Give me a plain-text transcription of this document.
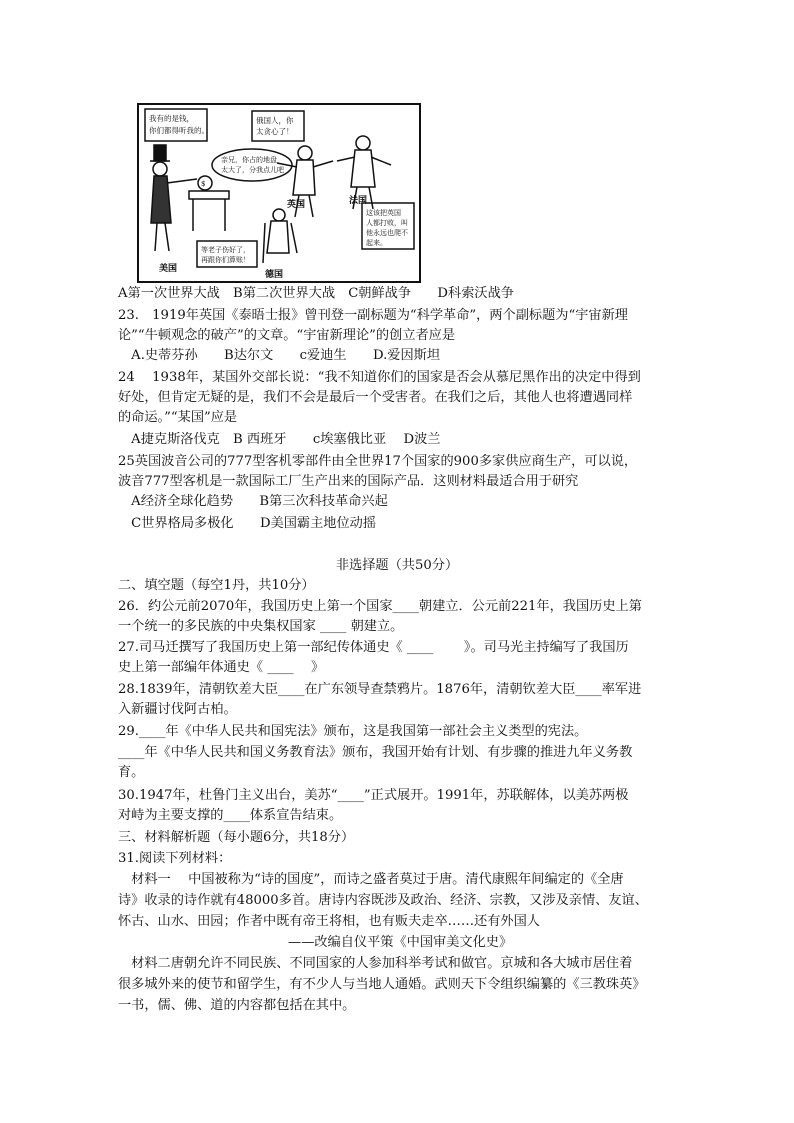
我有的是钱，
你们都得听我的。
俄国人，你
太贪心了！
亲兄，你占的地盘
太大了，分我点儿吧
这该把英国
人都打败，叫
他永远也爬不
起来。
等老子伤好了，
再跟你们算账！
$
美国
英国	法国
德国
A第一次世界大战　B第二次世界大战　C朝鲜战争　　D科索沃战争
23.　1919年英国《泰晤士报》曾刊登一副标题为“科学革命”，两个副标题为“宇宙新理
论”“牛顿观念的破产”的文章。“宇宙新理论”的创立者应是
　A.史蒂芬孙　　B达尔文　　c爱迪生　　D.爱因斯坦
24　 1938年，某国外交部长说：“我不知道你们的国家是否会从慕尼黑作出的决定中得到
好处，但肯定无疑的是，我们不会是最后一个受害者。在我们之后，其他人也将遭遇同样
的命运。”“某国”应是
　A捷克斯洛伐克　B 西班牙　　c埃塞俄比亚　 D波兰
25英国波音公司的777型客机零部件由全世界17个国家的900多家供应商生产，可以说，
波音777型客机是一款国际工厂生产出来的国际产品．这则材料最适合用于研究
　A经济全球化趋势　　B第三次科技革命兴起
　C世界格局多极化　　D美国霸主地位动摇
非选择题（共50分）
二、填空题（每空1丹，共10分）
26．约公元前2070年，我国历史上第一个国家____朝建立．公元前221年，我国历史上第
一个统一的多民族的中央集权国家 ____ 朝建立。
27.司马迁撰写了我国历史上第一部纪传体通史《 ____　　 》。司马光主持编写了我国历
史上第一部编年体通史《 ____ 　》
28.1839年，清朝钦差大臣____在广东领导查禁鸦片。1876年，清朝钦差大臣____率军进
入新疆讨伐阿古柏。
29.____年《中华人民共和国宪法》颁布，这是我国第一部社会主义类型的宪法。
____年《中华人民共和国义务教育法》颁布，我国开始有计划、有步骤的推进九年义务教
育。
30.1947年，杜鲁门主义出台，美苏“____”正式展开。1991年，苏联解体，以美苏两极
对峙为主要支撑的____体系宣告结束。
三、材料解析题（每小题6分，共18分）
31.阅读下列材料：
　材料一　 中国被称为“诗的国度”，而诗之盛者莫过于唐。清代康熙年间编定的《全唐
诗》收录的诗作就有48000多首。唐诗内容既涉及政治、经济、宗教，又涉及亲情、友谊、
怀古、山水、田园；作者中既有帝王将相，也有贩夫走卒……还有外国人
——改编自仪平策《中国审美文化史》
　材料二唐朝允许不同民族、不同国家的人参加科举考试和做官。京城和各大城市居住着
很多城外来的使节和留学生，有不少人与当地人通婚。武则天下令组织编纂的《三教珠英》
一书，儒、佛、道的内容都包括在其中。
